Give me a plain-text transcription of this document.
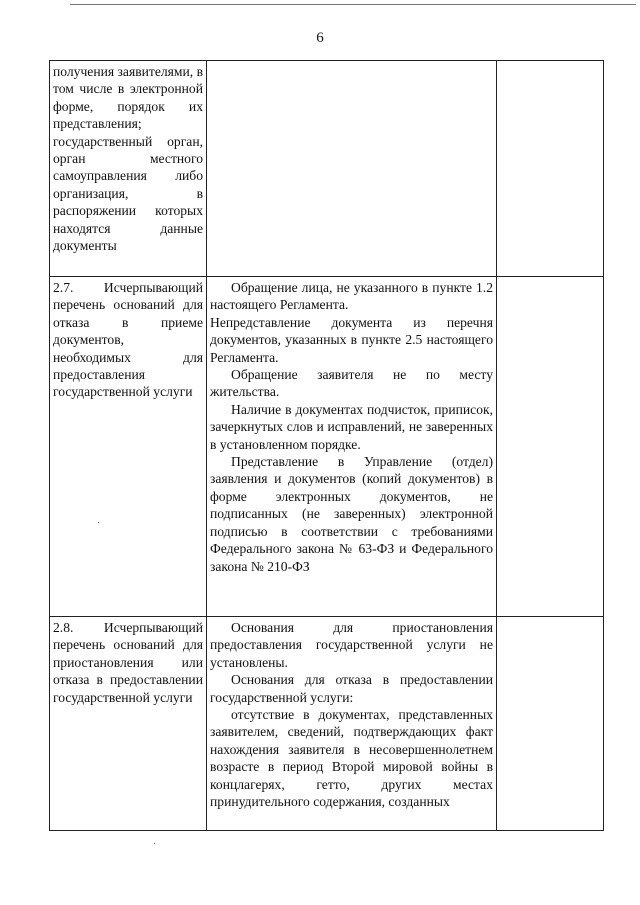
6
получения заявителями, в том числе в электронной форме, порядок их представления; государственный орган, орган местного самоуправления либо организация, в распоряжении которых находятся данные документы		

2.7. Исчерпывающий перечень оснований для отказа в приеме документов, необходимых для предоставления государственной услуги	Обращение лица, не указанного в пункте 1.2 настоящего Регламента.

Непредставление документа из перечня документов, указанных в пункте 2.5 настоящего Регламента.

Обращение заявителя не по месту жительства.

Наличие в документах подчисток, приписок, зачеркнутых слов и исправлений, не заверенных в установленном порядке.

Представление в Управление (отдел) заявления и документов (копий документов) в форме электронных документов, не подписанных (не заверенных) электронной подписью в соответствии с требованиями Федерального закона № 63-ФЗ и Федерального закона № 210-ФЗ	

2.8. Исчерпывающий перечень оснований для приостановления или отказа в предоставлении государственной услуги	Основания для приостановления предоставления государственной услуги не установлены.

Основания для отказа в предоставлении государственной услуги:

отсутствие в документах, представленных заявителем, сведений, подтверждающих факт нахождения заявителя в несовершеннолетнем возрасте в период Второй мировой войны в концлагерях, гетто, других местах принудительного содержания, созданных	

·
·
